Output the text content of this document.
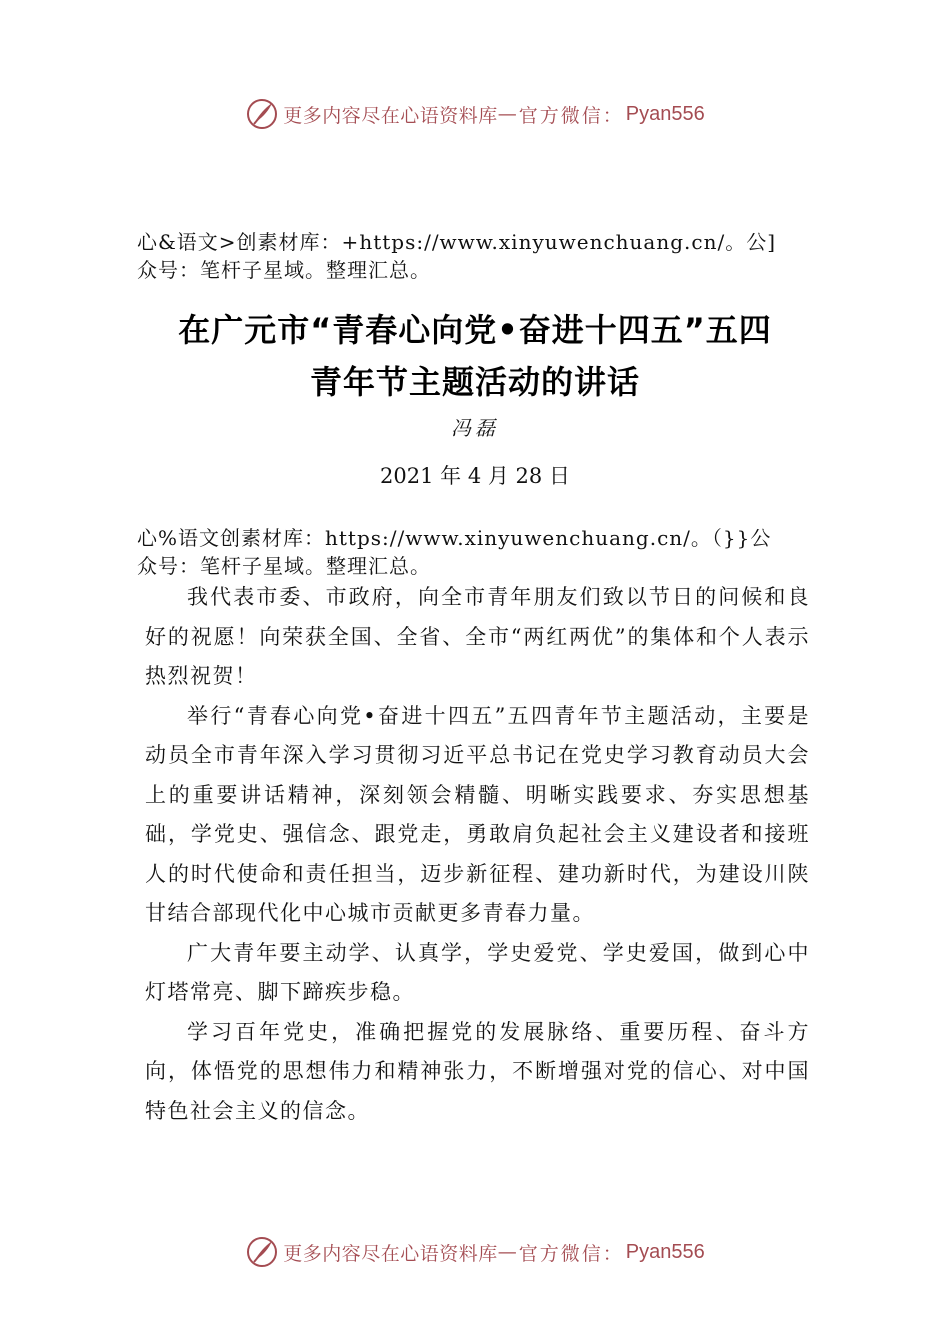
更多内容尽在心语资料库 — 官方微信： Pyan556
心&语文>创素材库：+https://www.xinyuwenchuang.cn/。公]
众号：笔杆子星域。整理汇总。
在广元市“青春心向党•奋进十四五”五四
青年节主题活动的讲话
冯磊
2021 年 4 月 28 日
心%语文创素材库：https://www.xinyuwenchuang.cn/。（}}公
众号：笔杆子星域。整理汇总。

我代表市委、市政府，向全市青年朋友们致以节日的问候和良好的祝愿！向荣获全国、全省、全市“两红两优”的集体和个人表示热烈祝贺！

举行“青春心向党•奋进十四五”五四青年节主题活动，主要是动员全市青年深入学习贯彻习近平总书记在党史学习教育动员大会上的重要讲话精神，深刻领会精髓、明晰实践要求、夯实思想基础，学党史、强信念、跟党走，勇敢肩负起社会主义建设者和接班人的时代使命和责任担当，迈步新征程、建功新时代，为建设川陕甘结合部现代化中心城市贡献更多青春力量。

广大青年要主动学、认真学，学史爱党、学史爱国，做到心中灯塔常亮、脚下蹄疾步稳。

学习百年党史，准确把握党的发展脉络、重要历程、奋斗方向，体悟党的思想伟力和精神张力，不断增强对党的信心、对中国特色社会主义的信念。

更多内容尽在心语资料库 — 官方微信： Pyan556
